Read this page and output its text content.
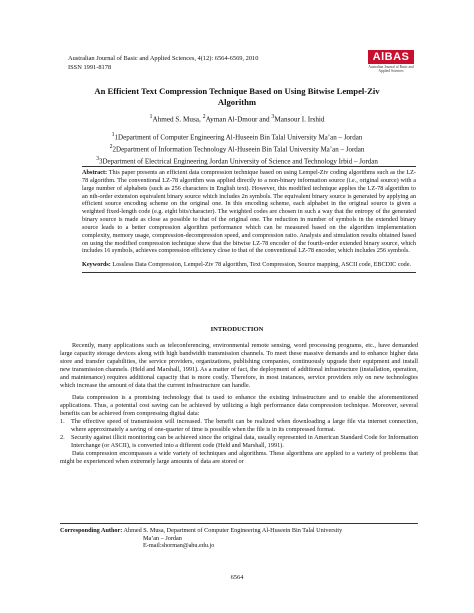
Australian Journal of Basic and Applied Sciences, 4(12): 6564-6569, 2010
ISSN 1991-8178
AlBAS
Australian Journal of Basic and Applied Sciences
An Efficient Text Compression Technique Based on Using Bitwise Lempel-Ziv Algorithm
$^1$Ahmed S. Musa, $^2$Ayman Al-Dmour and $^3$Mansour I. Irshid
$^1$1Department of Computer Engineering Al-Huseein Bin Talal University Ma’an – Jordan
$^2$2Department of Information Technology Al-Huseein Bin Talal University Ma’an – Jordan
$^3$3Department of Electrical Engineering Jordan University of Science and Technology Irbid – Jordan

Abstract: This paper presents an efficient data compression technique based on using Lempel-Ziv coding algorithms such as the LZ-78 algorithm. The conventional LZ-78 algorithm was applied directly to a non-binary information source (i.e., original source) with a large number of alphabets (such as 256 characters in English text). However, this modified technique applies the LZ-78 algorithm to an nth-order extension equivalent binary source which includes 2n symbols. The equivalent binary source is generated by applying an efficient source encoding scheme on the original one. In this encoding scheme, each alphabet in the original source is given a weighted fixed-length code (e.g. eight bits/character). The weighted codes are chosen in such a way that the entropy of the generated binary source is made as close as possible to that of the original one. The reduction in number of symbols in the extended binary source leads to a better compression algorithm performance which can be measured based on the algorithm implementation complexity, memory usage, compression-decompression speed, and compression ratio. Analysis and simulation results obtained based on using the modified compression technique show that the bitwise LZ-78 encoder of the fourth-order extended binary source, which includes 16 symbols, achieves compression efficiency close to that of the conventional LZ-78 encoder, which includes 256 symbols.

Keywords: Lossless Data Compression, Lempel-Ziv 78 algorithm, Text Compression, Source mapping, ASCII code, EBCDIC code.

INTRODUCTION

Recently, many applications such as teleconferencing, environmental remote sensing, word processing programs, etc., have demanded large capacity storage devices along with high bandwidth transmission channels. To meet these massive demands and to enhance higher data store and transfer capabilities, the service providers, organizations, publishing companies, continuously upgrade their equipment and install new transmission channels. (Held and Marshall, 1991). As a matter of fact, the deployment of additional infrastructure (installation, operation, and maintenance) requires additional capacity that is more costly. Therefore, in most instances, service providers rely on new technologies which increase the amount of data that the current infrastructure can handle.

Data compression is a promising technology that is used to enhance the existing infrastructure and to enable the aforementioned applications. Thus, a potential cost saving can be achieved by utilizing a high performance data compression technique. Moreover, several benefits can be achieved from compressing digital data:

1.	The effective speed of transmission will increased. The benefit can be realized when downloading a large file via internet connection, where approximately a saving of one-quarter of time is possible when the file is in its compressed format.
2.	Security against illicit monitoring can be achieved since the original data, usually represented in American Standard Code for Information Interchange (or ASCII), is converted into a different code (Held and Marshall, 1991).

Data compression encompasses a wide variety of techniques and algorithms. These algorithms are applied to a variety of problems that might be experienced when extremely large amounts of data are stored or

Corresponding Author: Ahmed S. Musa, Department of Computer Engineering Al-Huseein Bin Talal University
Ma’an – Jordan
E-mail:shorman@ahu.edu.jo
6564
